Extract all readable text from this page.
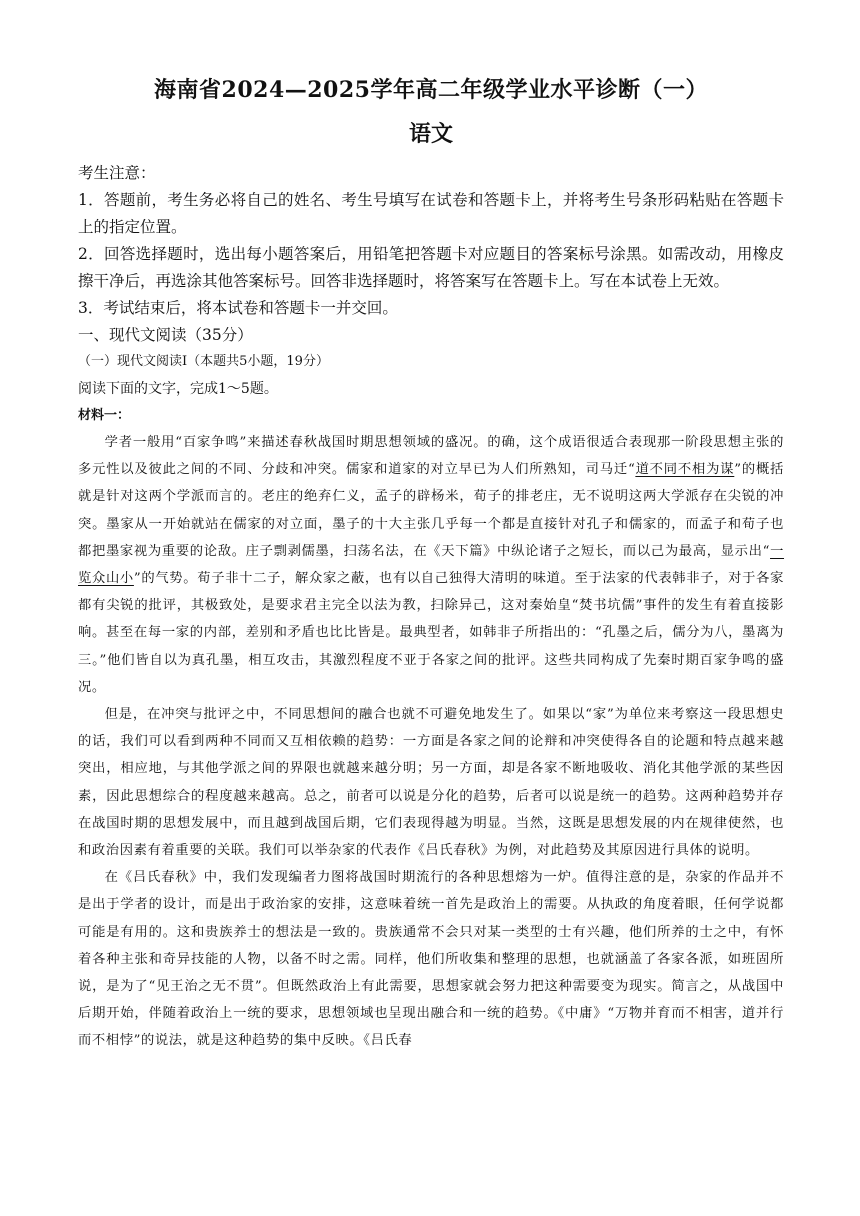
海南省2024—2025学年高二年级学业水平诊断（一）
语文

考生注意：

1．答题前，考生务必将自己的姓名、考生号填写在试卷和答题卡上，并将考生号条形码粘贴在答题卡上的指定位置。

2．回答选择题时，选出每小题答案后，用铅笔把答题卡对应题目的答案标号涂黑。如需改动，用橡皮擦干净后，再选涂其他答案标号。回答非选择题时，将答案写在答题卡上。写在本试卷上无效。

3．考试结束后，将本试卷和答题卡一并交回。

一、现代文阅读（35分）

（一）现代文阅读Ⅰ（本题共5小题，19分）

阅读下面的文字，完成1～5题。

材料一：

学者一般用“百家争鸣”来描述春秋战国时期思想领域的盛况。的确，这个成语很适合表现那一阶段思想主张的多元性以及彼此之间的不同、分歧和冲突。儒家和道家的对立早已为人们所熟知，司马迁“道不同不相为谋”的概括就是针对这两个学派而言的。老庄的绝弃仁义，孟子的辟杨米，荀子的排老庄，无不说明这两大学派存在尖锐的冲突。墨家从一开始就站在儒家的对立面，墨子的十大主张几乎每一个都是直接针对孔子和儒家的，而孟子和荀子也都把墨家视为重要的论敌。庄子剽剥儒墨，扫荡名法，在《天下篇》中纵论诸子之短长，而以己为最高，显示出“一览众山小”的气势。荀子非十二子，解众家之蔽，也有以自己独得大清明的味道。至于法家的代表韩非子，对于各家都有尖锐的批评，其极致处，是要求君主完全以法为教，扫除异己，这对秦始皇“焚书坑儒”事件的发生有着直接影响。甚至在每一家的内部，差别和矛盾也比比皆是。最典型者，如韩非子所指出的：“孔墨之后，儒分为八，墨离为三。”他们皆自以为真孔墨，相互攻击，其激烈程度不亚于各家之间的批评。这些共同构成了先秦时期百家争鸣的盛况。

但是，在冲突与批评之中，不同思想间的融合也就不可避免地发生了。如果以“家”为单位来考察这一段思想史的话，我们可以看到两种不同而又互相依赖的趋势：一方面是各家之间的论辩和冲突使得各自的论题和特点越来越突出，相应地，与其他学派之间的界限也就越来越分明；另一方面，却是各家不断地吸收、消化其他学派的某些因素，因此思想综合的程度越来越高。总之，前者可以说是分化的趋势，后者可以说是统一的趋势。这两种趋势并存在战国时期的思想发展中，而且越到战国后期，它们表现得越为明显。当然，这既是思想发展的内在规律使然，也和政治因素有着重要的关联。我们可以举杂家的代表作《吕氏春秋》为例，对此趋势及其原因进行具体的说明。

在《吕氏春秋》中，我们发现编者力图将战国时期流行的各种思想熔为一炉。值得注意的是，杂家的作品并不是出于学者的设计，而是出于政治家的安排，这意味着统一首先是政治上的需要。从执政的角度着眼，任何学说都可能是有用的。这和贵族养士的想法是一致的。贵族通常不会只对某一类型的士有兴趣，他们所养的士之中，有怀着各种主张和奇异技能的人物，以备不时之需。同样，他们所收集和整理的思想，也就涵盖了各家各派，如班固所说，是为了“见王治之无不贯”。但既然政治上有此需要，思想家就会努力把这种需要变为现实。简言之，从战国中后期开始，伴随着政治上一统的要求，思想领域也呈现出融合和一统的趋势。《中庸》“万物并育而不相害，道并行而不相悖”的说法，就是这种趋势的集中反映。《吕氏春
